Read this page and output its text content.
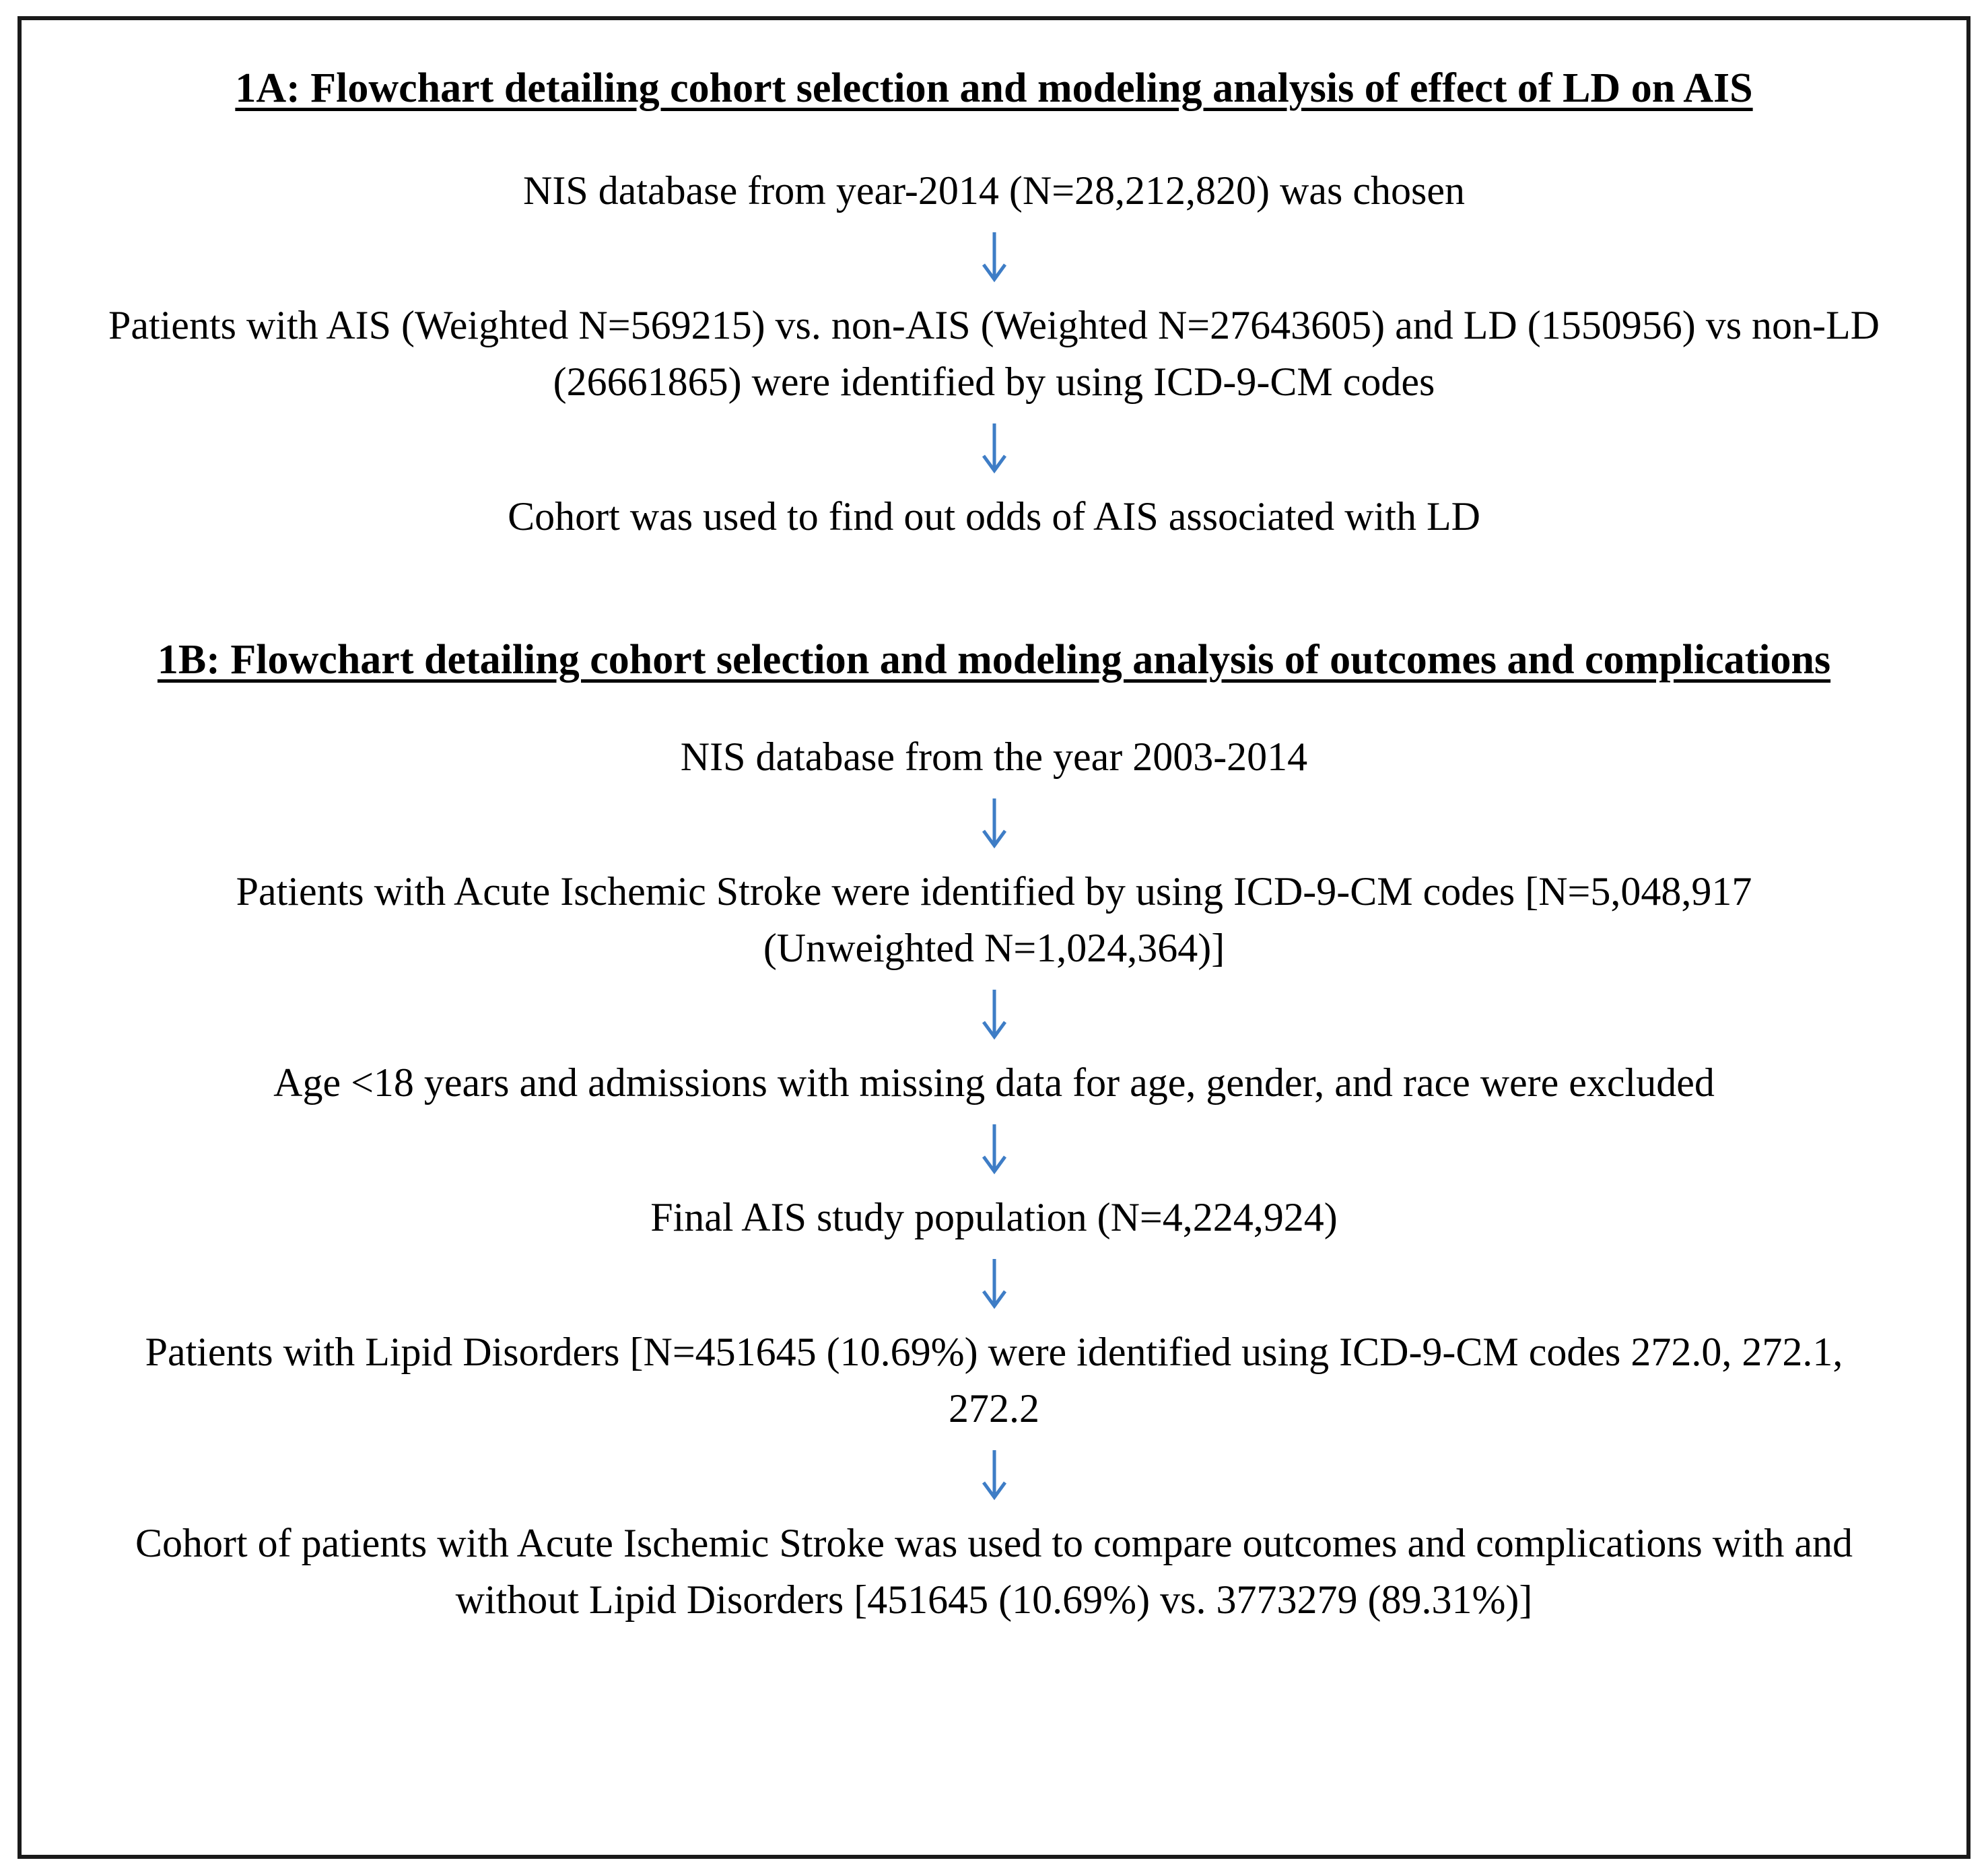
1A: Flowchart detailing cohort selection and modeling analysis of effect of LD on AIS
NIS database from year-2014 (N=28,212,820) was chosen
Patients with AIS (Weighted N=569215) vs. non-AIS (Weighted N=27643605) and LD (1550956) vs non-LD (26661865) were identified by using ICD-9-CM codes
Cohort was used to find out odds of AIS associated with LD
1B: Flowchart detailing cohort selection and modeling analysis of outcomes and complications
NIS database from the year 2003-2014
Patients with Acute Ischemic Stroke were identified by using ICD-9-CM codes [N=5,048,917 (Unweighted N=1,024,364)]
Age <18 years and admissions with missing data for age, gender, and race were excluded
Final AIS study population (N=4,224,924)
Patients with Lipid Disorders [N=451645 (10.69%) were identified using ICD-9-CM codes 272.0, 272.1, 272.2
Cohort of patients with Acute Ischemic Stroke was used to compare outcomes and complications with and without Lipid Disorders [451645 (10.69%) vs. 3773279 (89.31%)]
